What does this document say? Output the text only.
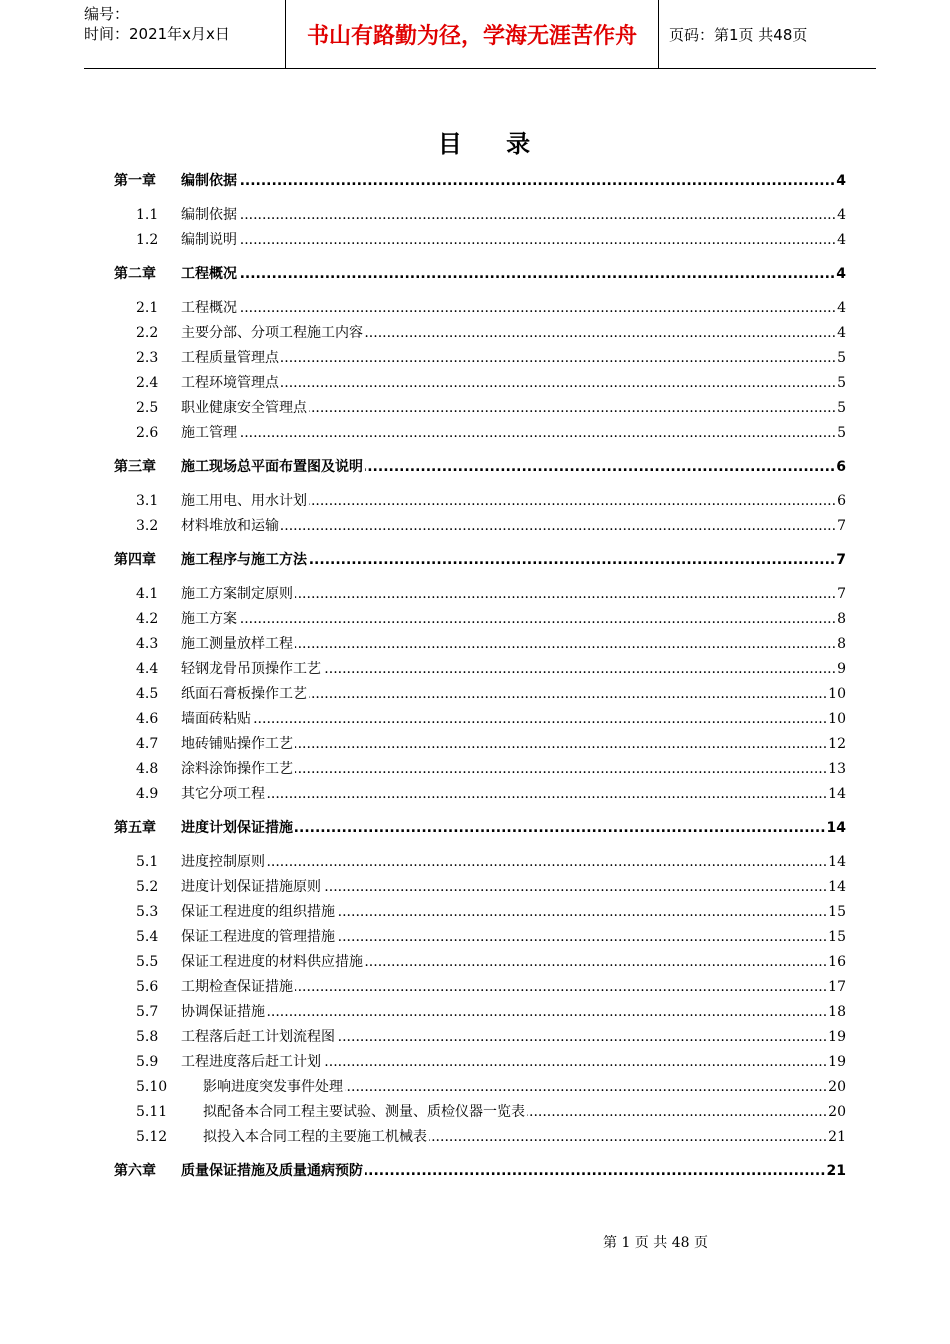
编号：
时间：2021年x月x日	书山有路勤为径，学海无涯苦作舟	页码：第1页 共48页
目 录
第一章 ..... 编制依据	4
1.1 ..... 编制依据	4
1.2 ..... 编制说明	4
第二章 ..... 工程概况	4
2.1 ..... 工程概况	4
2.2 ..... 主要分部、分项工程施工内容	4
2.3 ..... 工程质量管理点	5
2.4 ..... 工程环境管理点	5
2.5 ..... 职业健康安全管理点	5
2.6 ..... 施工管理	5
第三章 ..... 施工现场总平面布置图及说明	6
3.1 ..... 施工用电、用水计划	6
3.2 ..... 材料堆放和运输	7
第四章 ..... 施工程序与施工方法	7
4.1 ..... 施工方案制定原则	7
4.2 ..... 施工方案	8
4.3 ..... 施工测量放样工程	8
4.4 ..... 轻钢龙骨吊顶操作工艺	9
4.5 ..... 纸面石膏板操作工艺	10
4.6 ..... 墙面砖粘贴	10
4.7 ..... 地砖铺贴操作工艺	12
4.8 ..... 涂料涂饰操作工艺	13
4.9 ..... 其它分项工程	14
第五章 ..... 进度计划保证措施	14
5.1 ..... 进度控制原则	14
5.2 ..... 进度计划保证措施原则	14
5.3 ..... 保证工程进度的组织措施	15
5.4 ..... 保证工程进度的管理措施	15
5.5 ..... 保证工程进度的材料供应措施	16
5.6 ..... 工期检查保证措施	17
5.7 ..... 协调保证措施	18
5.8 ..... 工程落后赶工计划流程图	19
5.9 ..... 工程进度落后赶工计划	19
5.10 .....	影响进度突发事件处理	20
5.11 .....	拟配备本合同工程主要试验、测量、质检仪器一览表	20
5.12 .....	拟投入本合同工程的主要施工机械表	21
第六章 ..... 质量保证措施及质量通病预防	21
第 1 页 共 48 页
